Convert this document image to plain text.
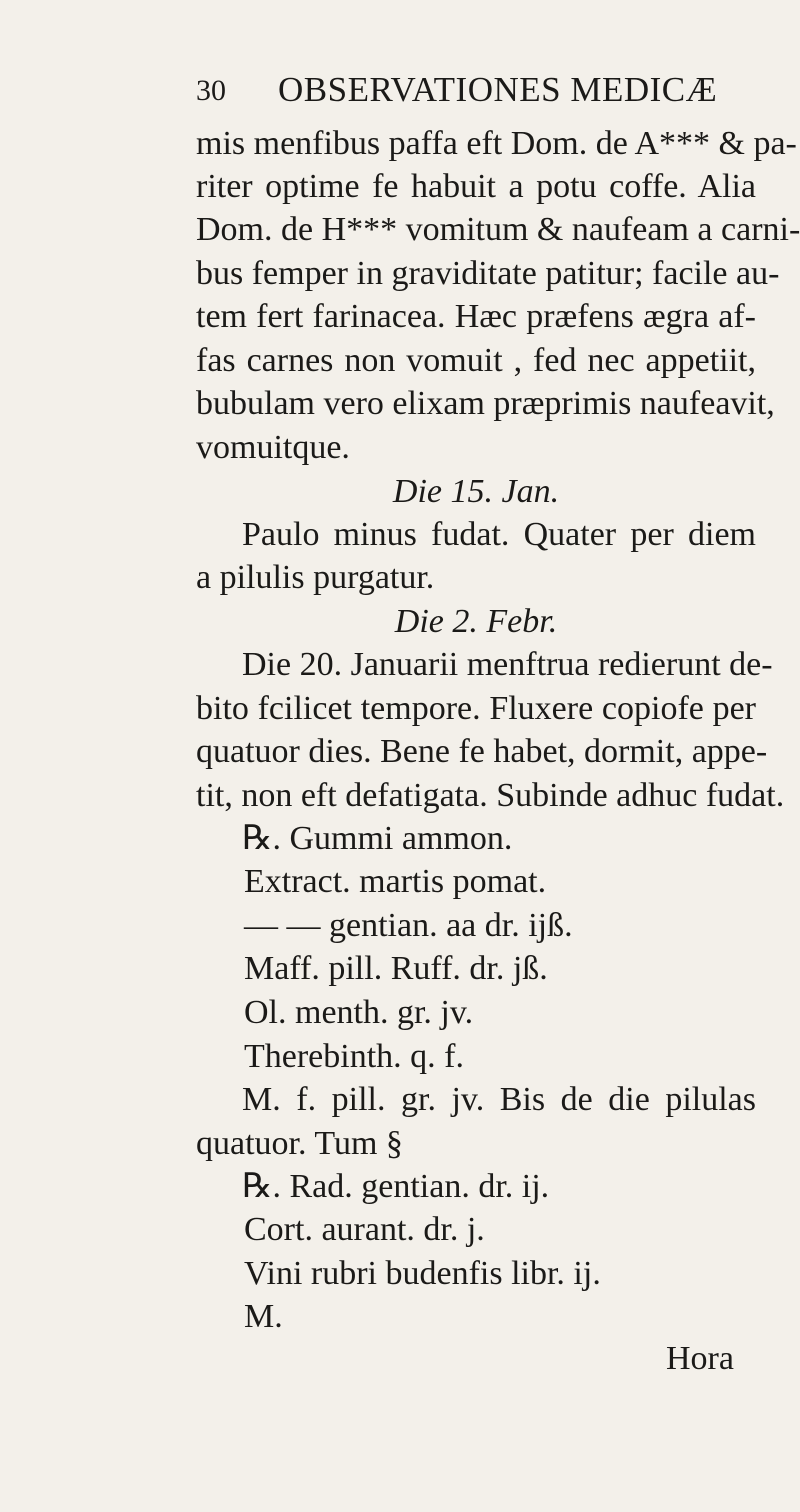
30 OBSERVATIONES MEDICÆ
mis menfibus paffa eft Dom. de A*** & pa-
riter optime fe habuit a potu coffe. Alia
Dom. de H*** vomitum & naufeam a carni-
bus femper in graviditate patitur; facile au-
tem fert farinacea. Hæc præfens ægra af-
fas carnes non vomuit , fed nec appetiit,
bubulam vero elixam præprimis naufeavit,
vomuitque.
Die 15. Jan.
Paulo minus fudat. Quater per diem
a pilulis purgatur.
Die 2. Febr.
Die 20. Januarii menftrua redierunt de-
bito fcilicet tempore. Fluxere copiofe per
quatuor dies. Bene fe habet, dormit, appe-
tit, non eft defatigata. Subinde adhuc fudat.
℞. Gummi ammon.
Extract. martis pomat.
— — gentian. aa dr. ijß.
Maff. pill. Ruff. dr. jß.
Ol. menth. gr. jv.
Therebinth. q. f.
M. f. pill. gr. jv. Bis de die pilulas
quatuor. Tum §
℞. Rad. gentian. dr. ij.
Cort. aurant. dr. j.
Vini rubri budenfis libr. ij.
M.
Hora
